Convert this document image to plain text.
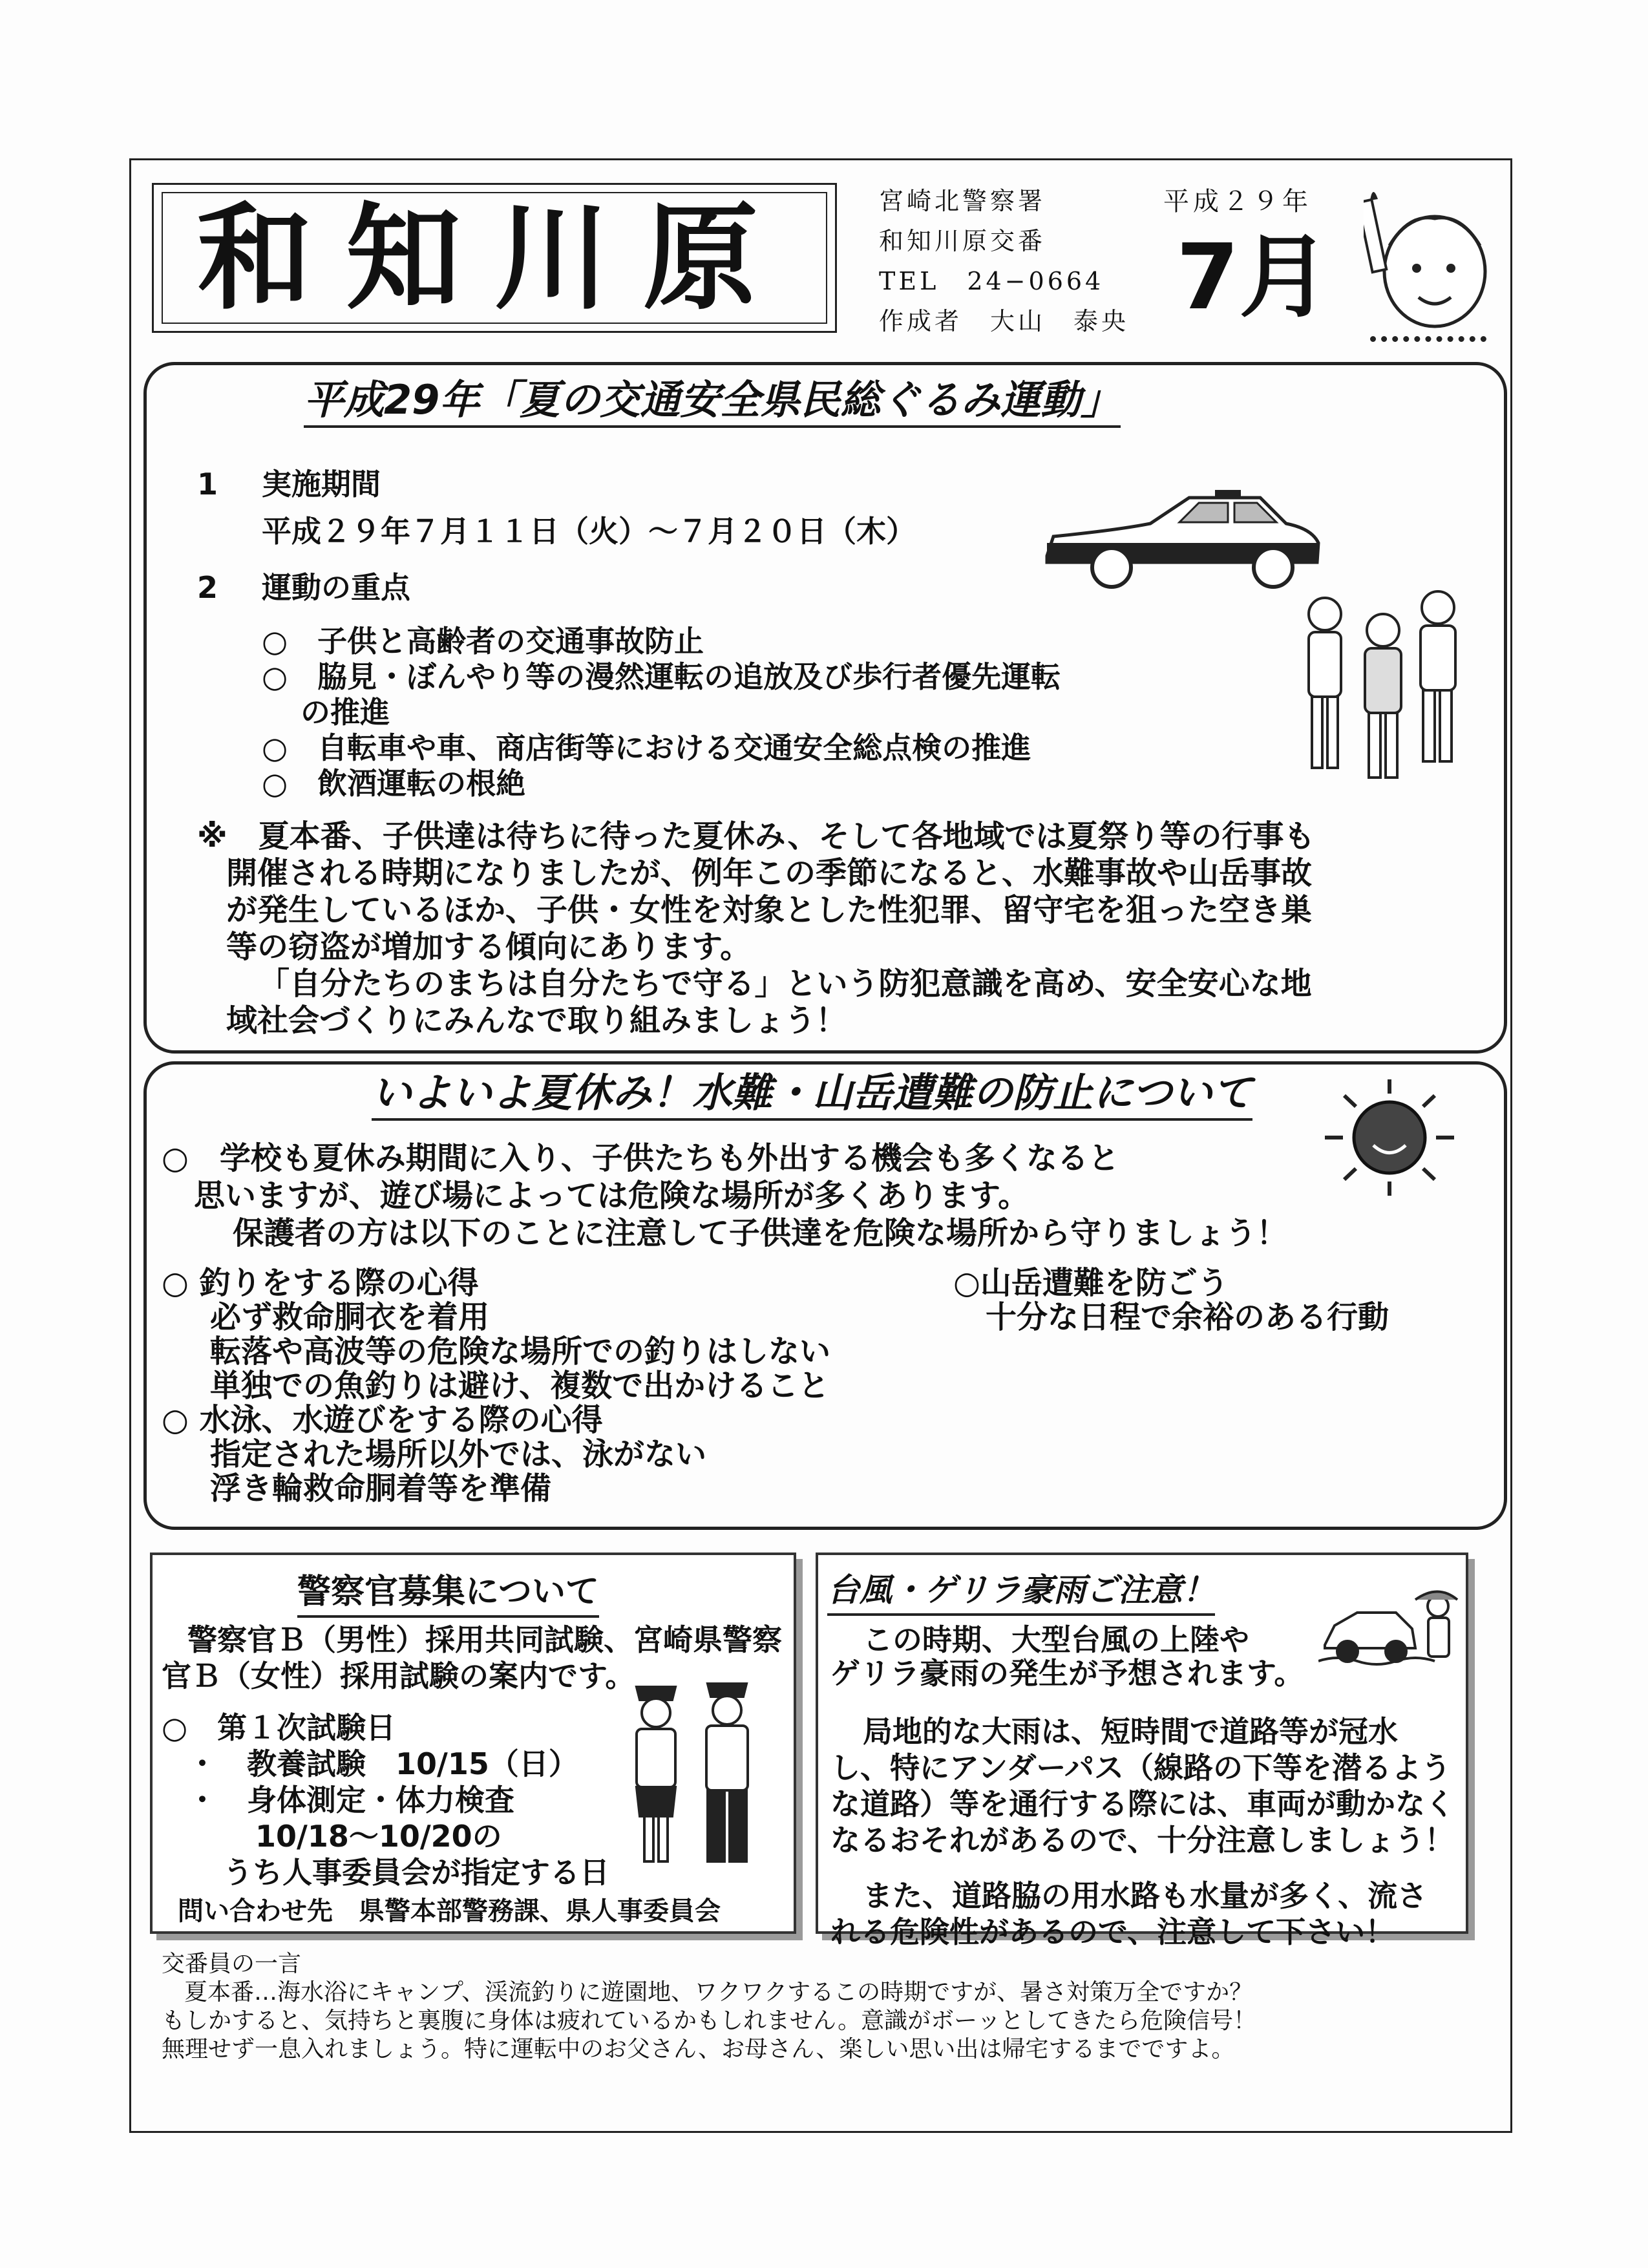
和知川原	宮崎北警察署
和知川原交番
TEL　24−0664
作成者　大山　泰央
平成２９年
7月
平成29年「夏の交通安全県民総ぐるみ運動」
1 実施期間
平成２９年７月１１日（火）〜７月２０日（木）
2 運動の重点
○　子供と高齢者の交通事故防止
○　脇見・ぼんやり等の漫然運転の追放及び歩行者優先運転
の推進
○　自転車や車、商店街等における交通安全総点検の推進
○　飲酒運転の根絶
※　夏本番、子供達は待ちに待った夏休み、そして各地域では夏祭り等の行事も
開催される時期になりましたが、例年この季節になると、水難事故や山岳事故
が発生しているほか、子供・女性を対象とした性犯罪、留守宅を狙った空き巣
等の窃盗が増加する傾向にあります。
「自分たちのまちは自分たちで守る」という防犯意識を高め、安全安心な地
域社会づくりにみんなで取り組みましょう！
いよいよ夏休み！水難・山岳遭難の防止について
○　学校も夏休み期間に入り、子供たちも外出する機会も多くなると
思いますが、遊び場によっては危険な場所が多くあります。
保護者の方は以下のことに注意して子供達を危険な場所から守りましょう！
○ 釣りをする際の心得
必ず救命胴衣を着用
転落や高波等の危険な場所での釣りはしない
単独での魚釣りは避け、複数で出かけること
○ 水泳、水遊びをする際の心得
指定された場所以外では、泳がない
浮き輪救命胴着等を準備
○山岳遭難を防ごう
十分な日程で余裕のある行動
警察官募集について
警察官Ｂ（男性）採用共同試験、宮崎県警察
官Ｂ（女性）採用試験の案内です。
○　第１次試験日
・　教養試験　10/15（日）
・　身体測定・体力検査
10/18〜10/20の
うち人事委員会が指定する日
問い合わせ先　県警本部警務課、県人事委員会
台風・ゲリラ豪雨ご注意！
この時期、大型台風の上陸や
ゲリラ豪雨の発生が予想されます。
局地的な大雨は、短時間で道路等が冠水
し、特にアンダーパス（線路の下等を潜るよう
な道路）等を通行する際には、車両が動かなく
なるおそれがあるので、十分注意しましょう！
また、道路脇の用水路も水量が多く、流さ
れる危険性があるので、注意して下さい！
交番員の一言
夏本番…海水浴にキャンプ、渓流釣りに遊園地、ワクワクするこの時期ですが、暑さ対策万全ですか？
もしかすると、気持ちと裏腹に身体は疲れているかもしれません。意識がボーッとしてきたら危険信号！
無理せず一息入れましょう。特に運転中のお父さん、お母さん、楽しい思い出は帰宅するまでですよ。
